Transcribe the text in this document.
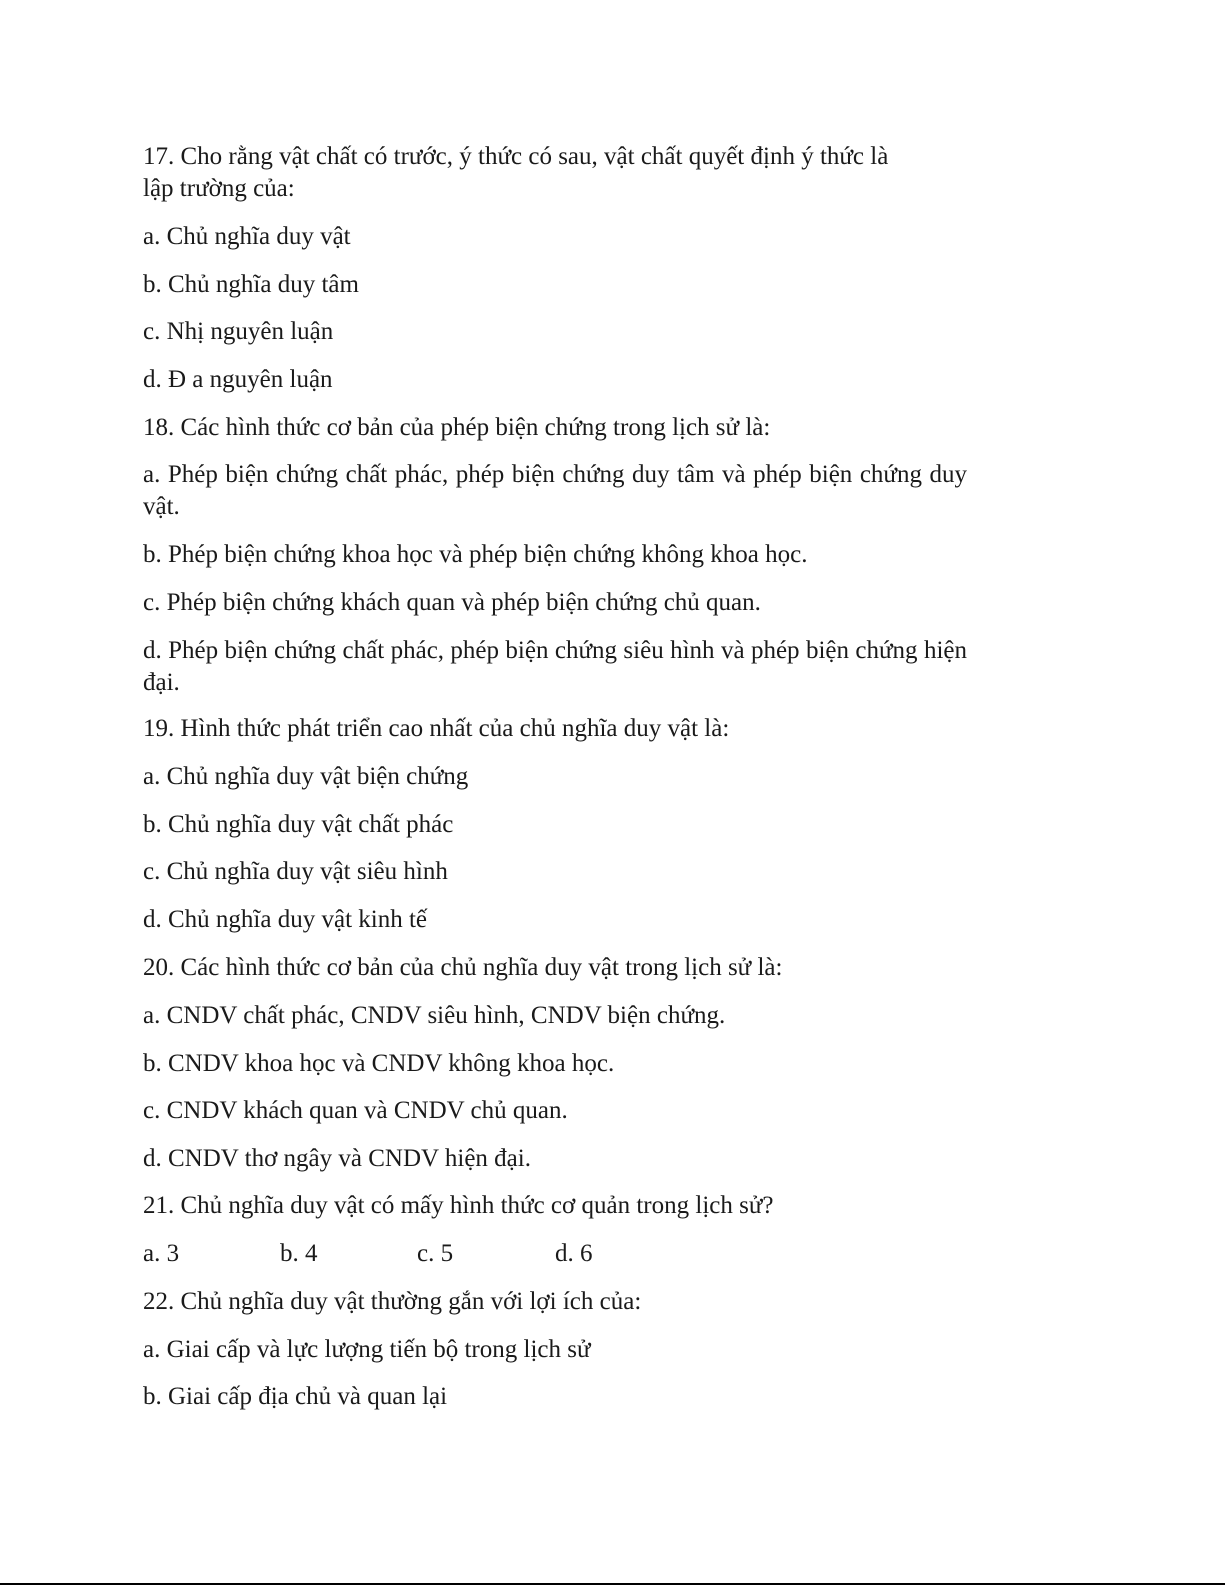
17. Cho rằng vật chất có trước, ý thức có sau, vật chất quyết định ý thức là
lập trường của:
a. Chủ nghĩa duy vật
b. Chủ nghĩa duy tâm
c. Nhị nguyên luận
d. Đ a nguyên luận
18. Các hình thức cơ bản của phép biện chứng trong lịch sử là:
a. Phép biện chứng chất phác, phép biện chứng duy tâm và phép biện chứng duy vật.
b. Phép biện chứng khoa học và phép biện chứng không khoa học.
c. Phép biện chứng khách quan và phép biện chứng chủ quan.
d. Phép biện chứng chất phác, phép biện chứng siêu hình và phép biện chứng hiện đại.
19. Hình thức phát triển cao nhất của chủ nghĩa duy vật là:
a. Chủ nghĩa duy vật biện chứng
b. Chủ nghĩa duy vật chất phác
c. Chủ nghĩa duy vật siêu hình
d. Chủ nghĩa duy vật kinh tế
20. Các hình thức cơ bản của chủ nghĩa duy vật trong lịch sử là:
a. CNDV chất phác, CNDV siêu hình, CNDV biện chứng.
b. CNDV khoa học và CNDV không khoa học.
c. CNDV khách quan và CNDV chủ quan.
d. CNDV thơ ngây và CNDV hiện đại.
21. Chủ nghĩa duy vật có mấy hình thức cơ quản trong lịch sử?
a. 3	b. 4	c. 5	d. 6
22. Chủ nghĩa duy vật thường gắn với lợi ích của:
a. Giai cấp và lực lượng tiến bộ trong lịch sử
b. Giai cấp địa chủ và quan lại
